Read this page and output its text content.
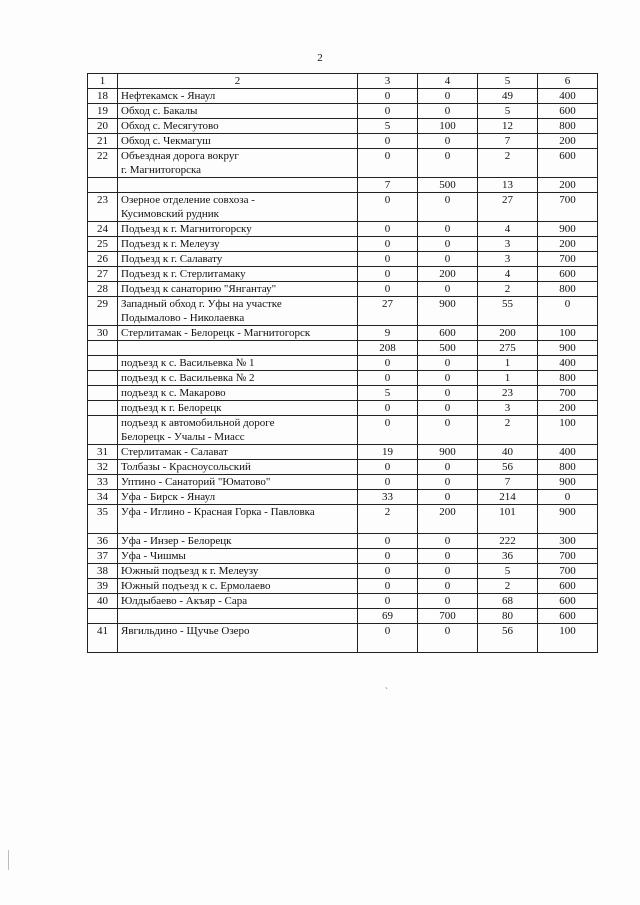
2
1	2	3	4	5	6
18	Нефтекамск - Янаул	0	0	49	400
19	Обход с. Бакалы	0	0	5	600
20	Обход с. Месягутово	5	100	12	800
21	Обход с. Чекмагуш	0	0	7	200
22	Объездная дорога вокруг
г. Магнитогорска	0	0	2	600

	7	500	13	200
23	Озерное отделение совхоза -
Кусимовский рудник	0	0	27	700
24	Подъезд к г. Магнитогорску	0	0	4	900
25	Подъезд к г. Мелеузу	0	0	3	200
26	Подъезд к г. Салавату	0	0	3	700
27	Подъезд к г. Стерлитамаку	0	200	4	600
28	Подъезд к санаторию "Янгантау"	0	0	2	800
29	Западный обход г. Уфы на участке
Подымалово - Николаевка	27	900	55	0
30	Стерлитамак - Белорецк - Магнитогорск	9	600	200	100

	208	500	275	900

	подъезд к с. Васильевка № 1	0	0	1	400

	подъезд к с. Васильевка № 2	0	0	1	800

	подъезд к с. Макарово	5	0	23	700

	подъезд к г. Белорецк	0	0	3	200

	подъезд к автомобильной дороге
Белорецк - Учалы - Миасс	0	0	2	100
31	Стерлитамак - Салават	19	900	40	400
32	Толбазы - Красноусольский	0	0	56	800
33	Уптино - Санаторий "Юматово"	0	0	7	900
34	Уфа - Бирск - Янаул	33	0	214	0
35	Уфа - Иглино - Красная Горка - Павловка	2	200	101	900
36	Уфа - Инзер - Белорецк	0	0	222	300
37	Уфа - Чишмы	0	0	36	700
38	Южный подъезд к г. Мелеузу	0	0	5	700
39	Южный подъезд к с. Ермолаево	0	0	2	600
40	Юлдыбаево - Акъяр - Сара	0	0	68	600

	69	700	80	600
41	Явгильдино - Щучье Озеро	0	0	56	100
`
